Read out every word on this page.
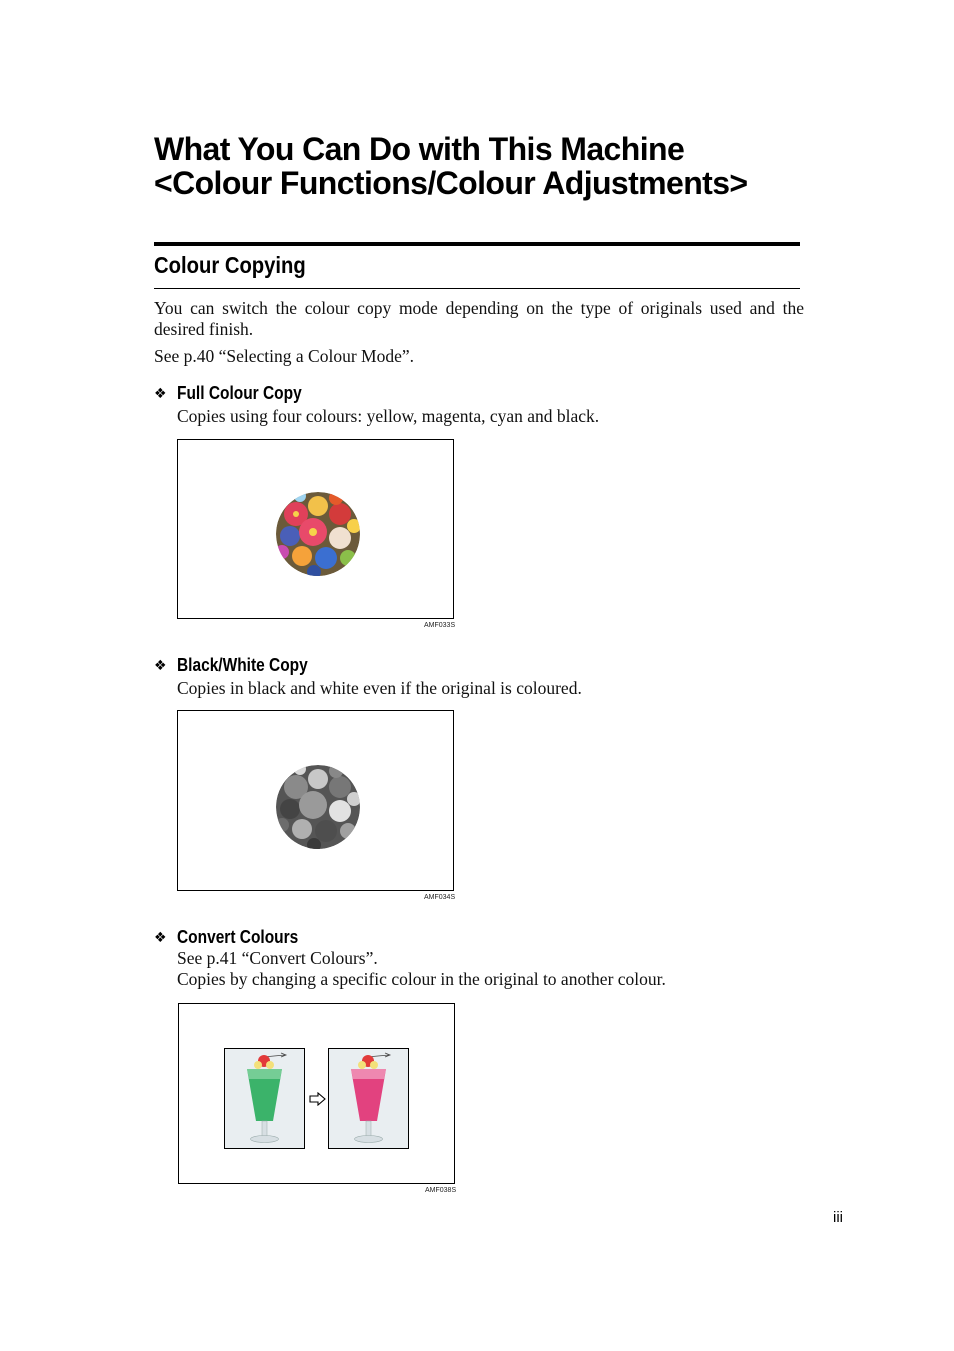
What You Can Do with This Machine
<Colour Functions/Colour Adjustments>
Colour Copying

You can switch the colour copy mode depending on the type of originals used and the desired finish.

See p.40 “Selecting a Colour Mode”.

❖ Full Colour Copy

Copies using four colours: yellow, magenta, cyan and black.

AMF033S
❖ Black/White Copy

Copies in black and white even if the original is coloured.

AMF034S
❖ Convert Colours

See p.41 “Convert Colours”.

Copies by changing a specific colour in the original to another colour.

AMF038S
iii
